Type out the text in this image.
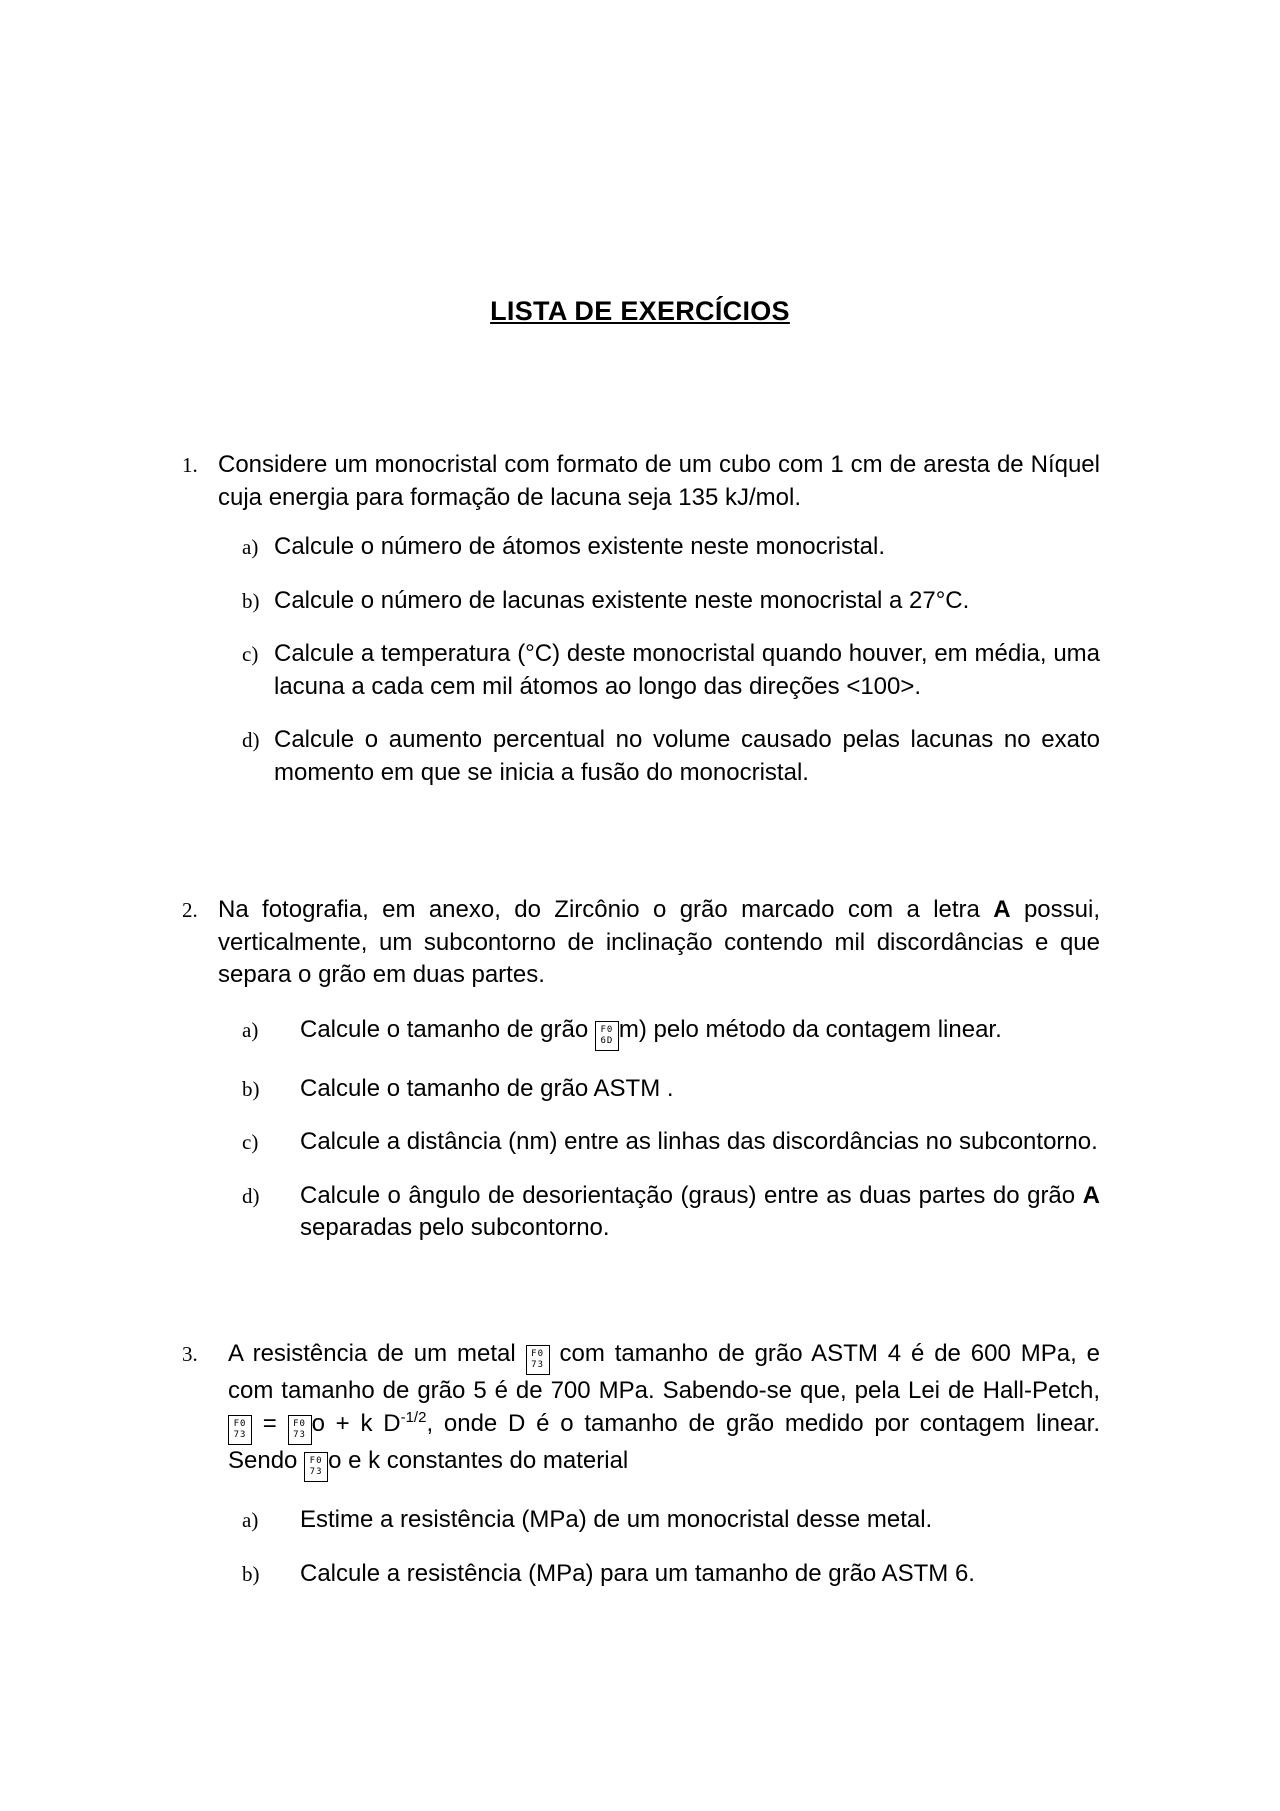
LISTA DE EXERCÍCIOS
1. Considere um monocristal com formato de um cubo com 1 cm de aresta de Níquel cuja energia para formação de lacuna seja 135 kJ/mol.
a) Calcule o número de átomos existente neste monocristal.
b) Calcule o número de lacunas existente neste monocristal a 27°C.
c) Calcule a temperatura (°C) deste monocristal quando houver, em média, uma lacuna a cada cem mil átomos ao longo das direções <100>.
d) Calcule o aumento percentual no volume causado pelas lacunas no exato momento em que se inicia a fusão do monocristal.
2. Na fotografia, em anexo, do Zircônio o grão marcado com a letra A possui, verticalmente, um subcontorno de inclinação contendo mil discordâncias e que separa o grão em duas partes.
a) Calcule o tamanho de grão F0 6D m) pelo método da contagem linear.
b) Calcule o tamanho de grão ASTM .
c) Calcule a distância (nm) entre as linhas das discordâncias no subcontorno.
d) Calcule o ângulo de desorientação (graus) entre as duas partes do grão A separadas pelo subcontorno.
3. A resistência de um metal F0 73 com tamanho de grão ASTM 4 é de 600 MPa, e com tamanho de grão 5 é de 700 MPa. Sabendo-se que, pela Lei de Hall-Petch, F0 73 = F0 73 o + k $D^{-1/2}$, onde D é o tamanho de grão medido por contagem linear. Sendo F0 73 o e k constantes do material
a) Estime a resistência (MPa) de um monocristal desse metal.
b) Calcule a resistência (MPa) para um tamanho de grão ASTM 6.
